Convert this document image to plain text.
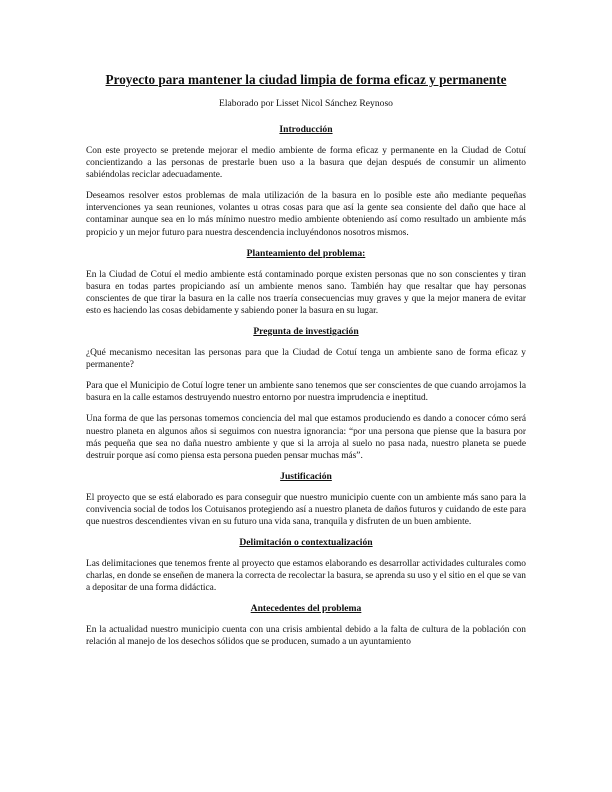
Proyecto para mantener la ciudad limpia de forma eficaz y permanente
Elaborado por Lisset Nicol Sánchez Reynoso
Introducción
Con este proyecto se pretende mejorar el medio ambiente de forma eficaz y permanente en la Ciudad de Cotuí concientizando a las personas de prestarle buen uso a la basura que dejan después de consumir un alimento sabiéndolas reciclar adecuadamente.
Deseamos resolver estos problemas de mala utilización de la basura en lo posible este año mediante pequeñas intervenciones ya sean reuniones, volantes u otras cosas para que así la gente sea consiente del daño que hace al contaminar aunque sea en lo más mínimo nuestro medio ambiente obteniendo así como resultado un ambiente más propicio y un mejor futuro para nuestra descendencia incluyéndonos nosotros mismos.
Planteamiento del problema:
En la Ciudad de Cotuí el medio ambiente está contaminado porque existen personas que no son conscientes y tiran basura en todas partes propiciando así un ambiente menos sano. También hay que resaltar que hay personas conscientes de que tirar la basura en la calle nos traería consecuencias muy graves y que la mejor manera de evitar esto es haciendo las cosas debidamente y sabiendo poner la basura en su lugar.
Pregunta de investigación
¿Qué mecanismo necesitan las personas para que la Ciudad de Cotuí tenga un ambiente sano de forma eficaz y permanente?
Para que el Municipio de Cotuí logre tener un ambiente sano tenemos que ser conscientes de que cuando arrojamos la basura en la calle estamos destruyendo nuestro entorno por nuestra imprudencia e ineptitud.
Una forma de que las personas tomemos conciencia del mal que estamos produciendo es dando a conocer cómo será nuestro planeta en algunos años si seguimos con nuestra ignorancia: “por una persona que piense que la basura por más pequeña que sea no daña nuestro ambiente y que si la arroja al suelo no pasa nada, nuestro planeta se puede destruir porque así como piensa esta persona pueden pensar muchas más”.
Justificación
El proyecto que se está elaborado es para conseguir que nuestro municipio cuente con un ambiente más sano para la convivencia social de todos los Cotuisanos protegiendo así a nuestro planeta de daños futuros y cuidando de este para que nuestros descendientes vivan en su futuro una vida sana, tranquila y disfruten de un buen ambiente.
Delimitación o contextualización
Las delimitaciones que tenemos frente al proyecto que estamos elaborando es desarrollar actividades culturales como charlas, en donde se enseñen de manera la correcta de recolectar la basura, se aprenda su uso y el sitio en el que se van a depositar de una forma didáctica.
Antecedentes del problema
En la actualidad nuestro municipio cuenta con una crisis ambiental debido a la falta de cultura de la población con relación al manejo de los desechos sólidos que se producen, sumado a un ayuntamiento
